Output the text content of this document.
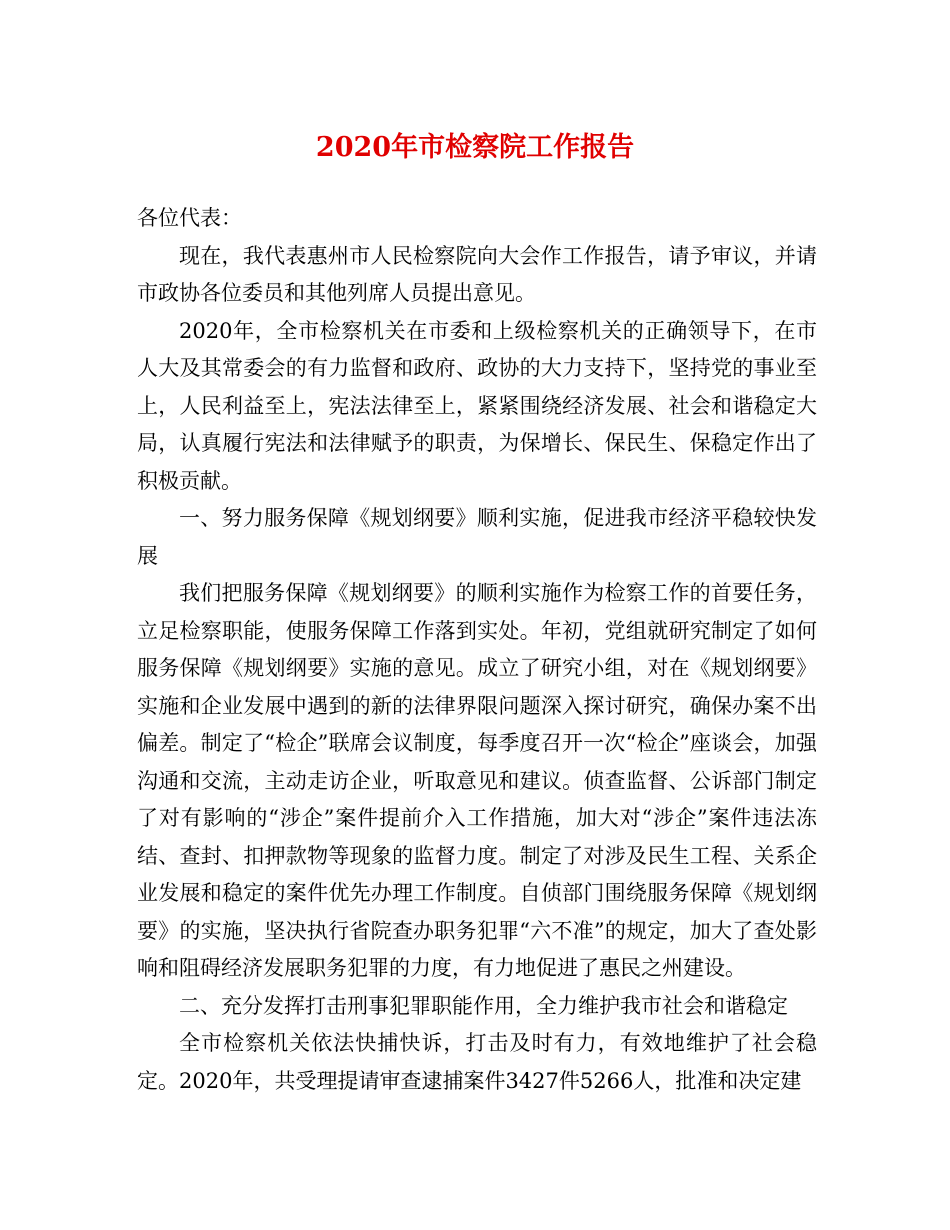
2020年市检察院工作报告

各位代表：

现在，我代表惠州市人民检察院向大会作工作报告，请予审议，并请市政协各位委员和其他列席人员提出意见。

2020年，全市检察机关在市委和上级检察机关的正确领导下，在市人大及其常委会的有力监督和政府、政协的大力支持下，坚持党的事业至上，人民利益至上，宪法法律至上，紧紧围绕经济发展、社会和谐稳定大局，认真履行宪法和法律赋予的职责，为保增长、保民生、保稳定作出了积极贡献。

一、努力服务保障《规划纲要》顺利实施，促进我市经济平稳较快发展

我们把服务保障《规划纲要》的顺利实施作为检察工作的首要任务，立足检察职能，使服务保障工作落到实处。年初，党组就研究制定了如何服务保障《规划纲要》实施的意见。成立了研究小组，对在《规划纲要》实施和企业发展中遇到的新的法律界限问题深入探讨研究，确保办案不出偏差。制定了“检企”联席会议制度，每季度召开一次“检企”座谈会，加强沟通和交流，主动走访企业，听取意见和建议。侦查监督、公诉部门制定了对有影响的“涉企”案件提前介入工作措施，加大对“涉企”案件违法冻结、查封、扣押款物等现象的监督力度。制定了对涉及民生工程、关系企业发展和稳定的案件优先办理工作制度。自侦部门围绕服务保障《规划纲要》的实施，坚决执行省院查办职务犯罪“六不准”的规定，加大了查处影响和阻碍经济发展职务犯罪的力度，有力地促进了惠民之州建设。

二、充分发挥打击刑事犯罪职能作用，全力维护我市社会和谐稳定

全市检察机关依法快捕快诉，打击及时有力，有效地维护了社会稳定。2020年，共受理提请审查逮捕案件3427件5266人，批准和决定建
